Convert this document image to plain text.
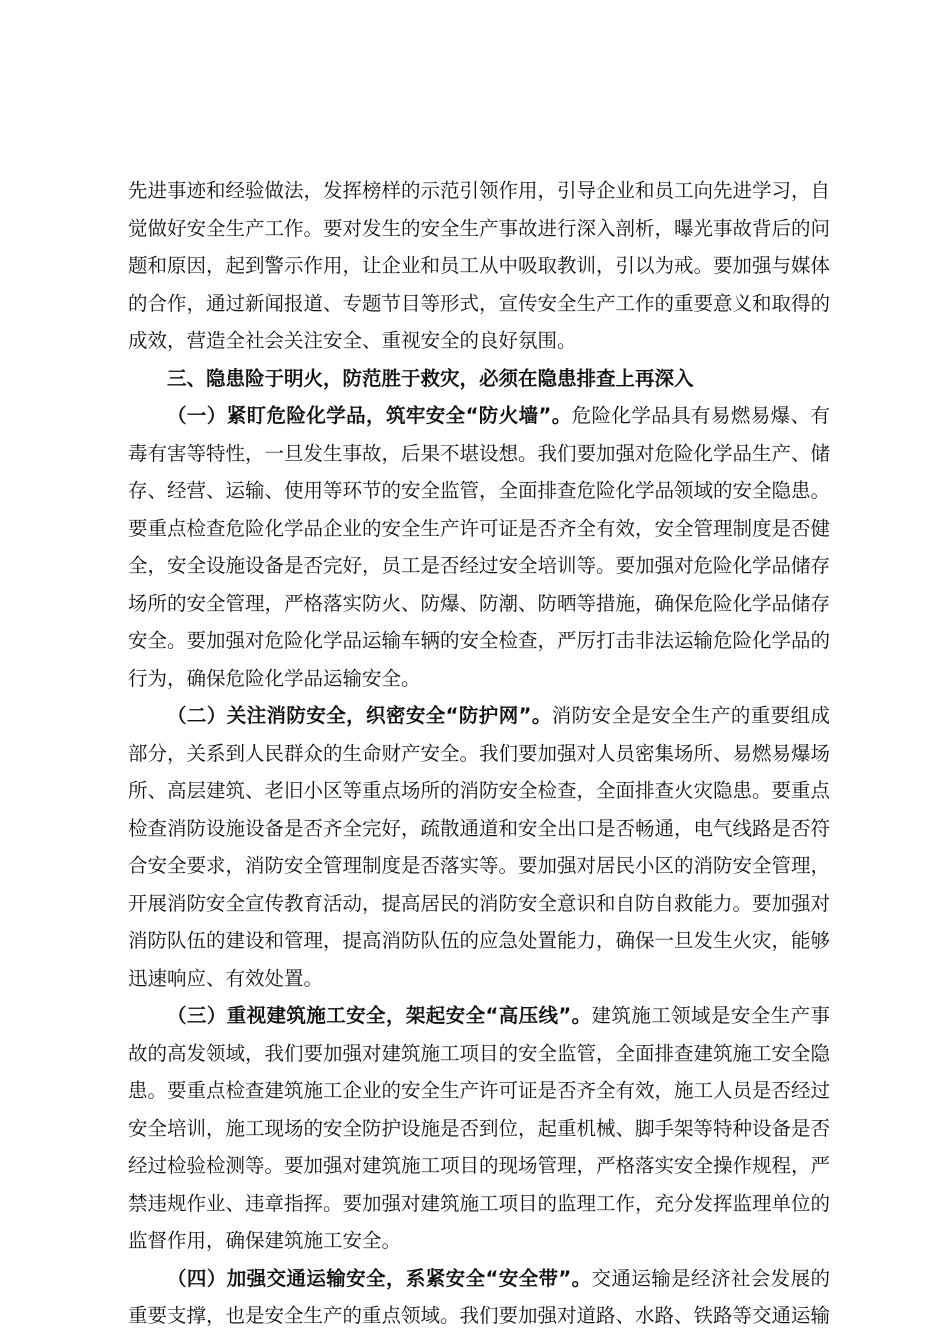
先进事迹和经验做法，发挥榜样的示范引领作用，引导企业和员工向先进学习，自觉做好安全生产工作。要对发生的安全生产事故进行深入剖析，曝光事故背后的问题和原因，起到警示作用，让企业和员工从中吸取教训，引以为戒。要加强与媒体的合作，通过新闻报道、专题节目等形式，宣传安全生产工作的重要意义和取得的成效，营造全社会关注安全、重视安全的良好氛围。

三、隐患险于明火，防范胜于救灾，必须在隐患排查上再深入

（一）紧盯危险化学品，筑牢安全“防火墙”。危险化学品具有易燃易爆、有毒有害等特性，一旦发生事故，后果不堪设想。我们要加强对危险化学品生产、储存、经营、运输、使用等环节的安全监管，全面排查危险化学品领域的安全隐患。要重点检查危险化学品企业的安全生产许可证是否齐全有效，安全管理制度是否健全，安全设施设备是否完好，员工是否经过安全培训等。要加强对危险化学品储存场所的安全管理，严格落实防火、防爆、防潮、防晒等措施，确保危险化学品储存安全。要加强对危险化学品运输车辆的安全检查，严厉打击非法运输危险化学品的行为，确保危险化学品运输安全。

（二）关注消防安全，织密安全“防护网”。消防安全是安全生产的重要组成部分，关系到人民群众的生命财产安全。我们要加强对人员密集场所、易燃易爆场所、高层建筑、老旧小区等重点场所的消防安全检查，全面排查火灾隐患。要重点检查消防设施设备是否齐全完好，疏散通道和安全出口是否畅通，电气线路是否符合安全要求，消防安全管理制度是否落实等。要加强对居民小区的消防安全管理，开展消防安全宣传教育活动，提高居民的消防安全意识和自防自救能力。要加强对消防队伍的建设和管理，提高消防队伍的应急处置能力，确保一旦发生火灾，能够迅速响应、有效处置。

（三）重视建筑施工安全，架起安全“高压线”。建筑施工领域是安全生产事故的高发领域，我们要加强对建筑施工项目的安全监管，全面排查建筑施工安全隐患。要重点检查建筑施工企业的安全生产许可证是否齐全有效，施工人员是否经过安全培训，施工现场的安全防护设施是否到位，起重机械、脚手架等特种设备是否经过检验检测等。要加强对建筑施工项目的现场管理，严格落实安全操作规程，严禁违规作业、违章指挥。要加强对建筑施工项目的监理工作，充分发挥监理单位的监督作用，确保建筑施工安全。

（四）加强交通运输安全，系紧安全“安全带”。交通运输是经济社会发展的重要支撑，也是安全生产的重点领域。我们要加强对道路、水路、铁路等交通运输
